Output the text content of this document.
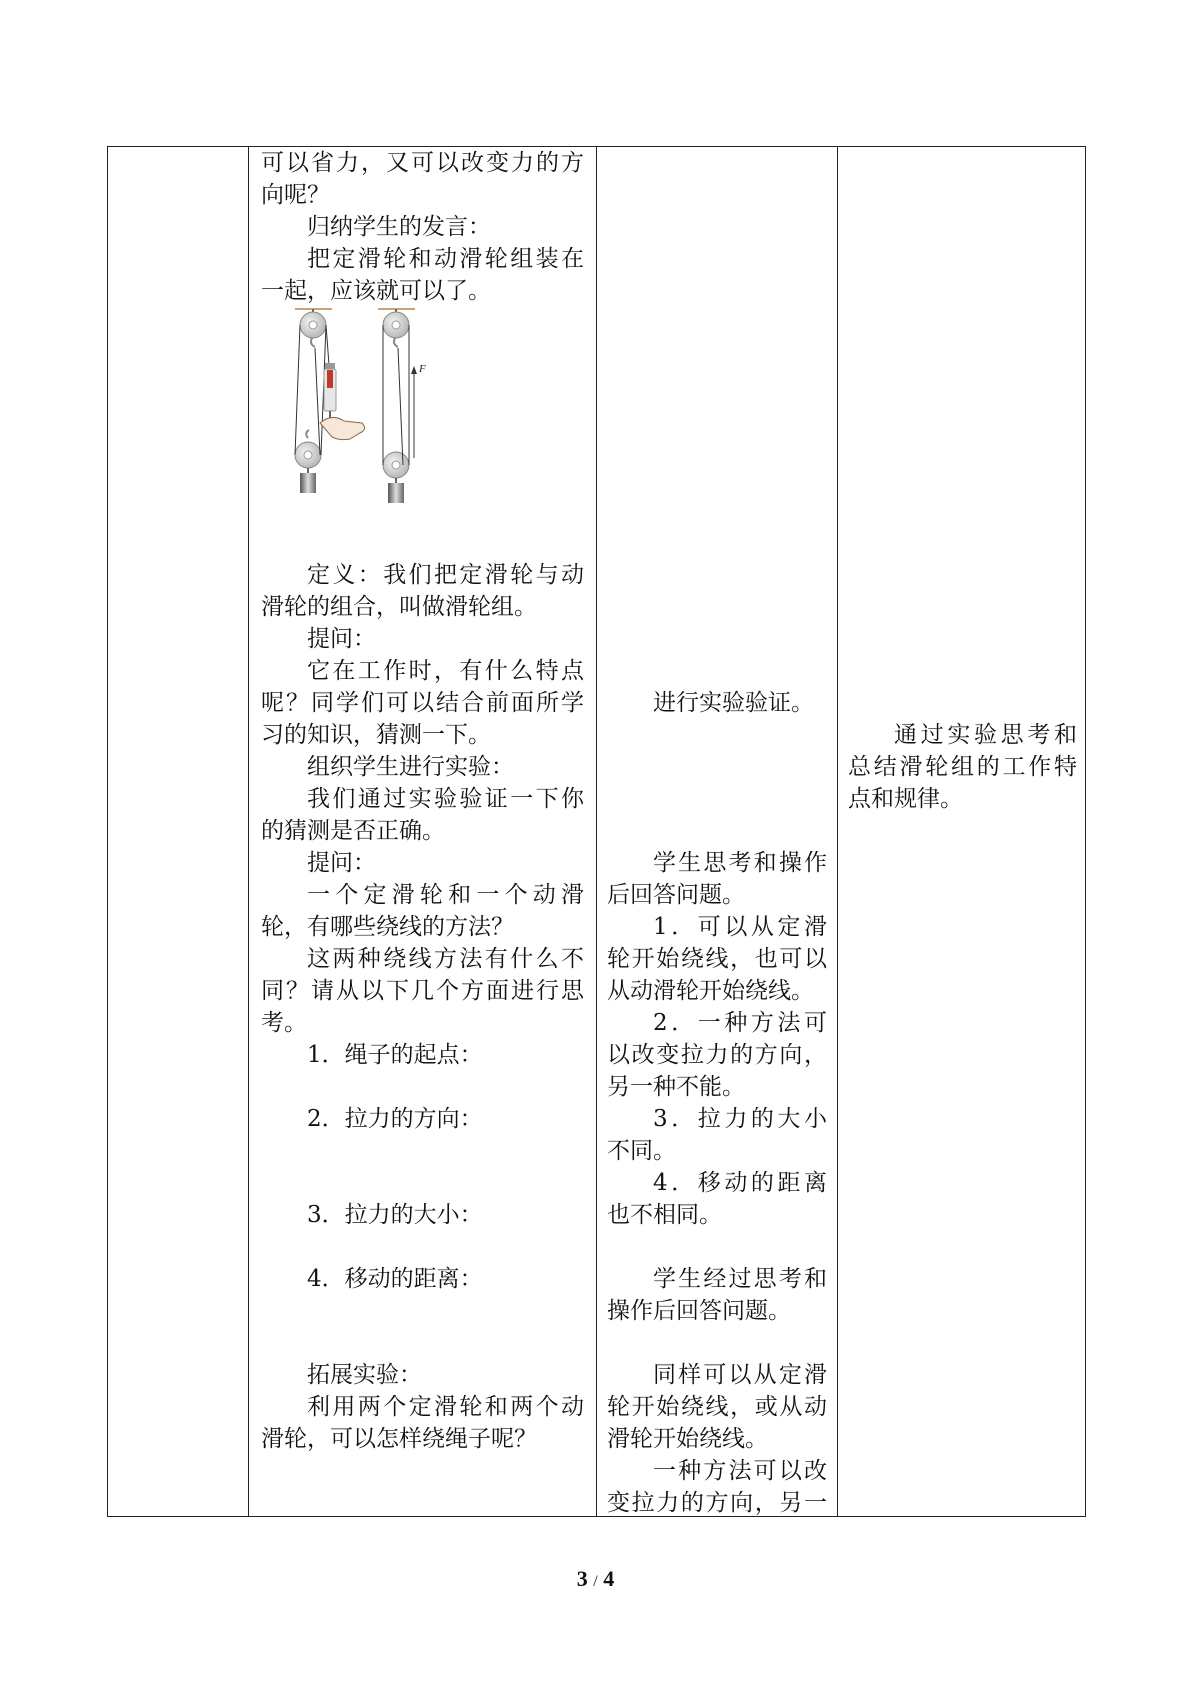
可以省力，又可以改变力的方
向呢？
归纳学生的发言：
把定滑轮和动滑轮组装在
一起，应该就可以了。
定义：我们把定滑轮与动
滑轮的组合，叫做滑轮组。
提问：
它在工作时，有什么特点
呢？同学们可以结合前面所学
习的知识，猜测一下。
组织学生进行实验：
我们通过实验验证一下你
的猜测是否正确。
提问：
一个定滑轮和一个动滑
轮，有哪些绕线的方法？
这两种绕线方法有什么不
同？请从以下几个方面进行思
考。
1．绳子的起点：
2．拉力的方向：
3．拉力的大小：
4．移动的距离：
拓展实验：
利用两个定滑轮和两个动
滑轮，可以怎样绕绳子呢？
进行实验验证。
学生思考和操作
后回答问题。
1．可以从定滑
轮开始绕线，也可以
从动滑轮开始绕线。
2．一种方法可
以改变拉力的方向，
另一种不能。
3．拉力的大小
不同。
4．移动的距离
也不相同。
学生经过思考和
操作后回答问题。
同样可以从定滑
轮开始绕线，或从动
滑轮开始绕线。
一种方法可以改
变拉力的方向，另一
通过实验思考和
总结滑轮组的工作特
点和规律。
F
3 / 4
